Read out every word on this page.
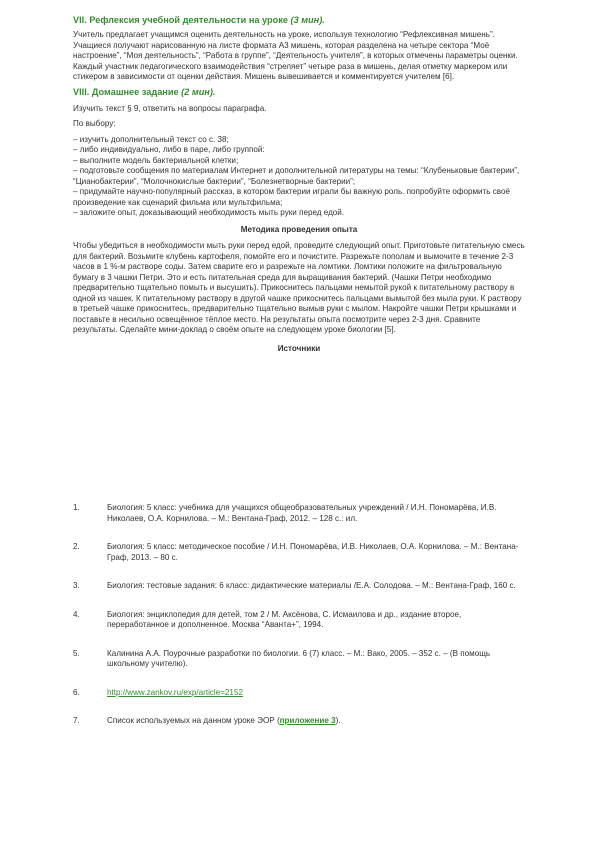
VII. Рефлексия учебной деятельности на уроке (3 мин).

Учитель предлагает учащимся оценить деятельность на уроке, используя технологию “Рефлексивная мишень”. Учащиеся получают нарисованную на листе формата А3 мишень, которая разделена на четыре сектора “Моё настроение”, “Моя деятельность”, “Работа в группе”, “Деятельность учителя”, в которых отмечены параметры оценки. Каждый участник педагогического взаимодействия “стреляет” четыре раза в мишень, делая отметку маркером или стикером в зависимости от оценки действия. Мишень вывешивается и комментируется учителем [6].

VIII. Домашнее задание (2 мин).

Изучить текст § 9, ответить на вопросы параграфа.

По выбору:

– изучить дополнительный текст со с. 38;

– либо индивидуально, либо в паре, либо группой:

– выполните модель бактериальной клетки;

– подготовьте сообщения по материалам Интернет и дополнительной литературы на темы: “Клубеньковые бактерии”, “Цианобактерии”, “Молочнокислые бактерии”, “Болезнетворные бактерии”;

– придумайте научно-популярный рассказ, в котором бактерии играли бы важную роль. попробуйте оформить своё произведение как сценарий фильма или мультфильма;

– заложите опыт, доказывающий необходимость мыть руки перед едой.

Методика проведения опыта

Чтобы убедиться в необходимости мыть руки перед едой, проведите следующий опыт. Приготовьте питательную смесь для бактерий. Возьмите клубень картофеля, помойте его и почистите. Разрежьте пополам и вымочите в течение 2-3 часов в 1 %-м растворе соды. Затем сварите его и разрежьте на ломтики. Ломтики положите на фильтровальную бумагу в 3 чашки Петри. Это и есть питательная среда для выращивания бактерий. (Чашки Петри необходимо предварительно тщательно помыть и высушить). Прикоснитесь пальцами немытой рукой к питательному раствору в одной из чашек. К питательному раствору в другой чашке прикоснитесь пальцами вымытой без мыла руки. К раствору в третьей чашке прикоснитесь, предварительно тщательно вымыв руки с мылом. Накройте чашки Петри крышками и поставьте в несильно освещённое тёплое место. На результаты опыта посмотрите через 2-3 дня. Сравните результаты. Сделайте мини-доклад о своём опыте на следующем уроке биологии [5].

Источники

1.	Биология: 5 класс: учебника для учащихся общеобразовательных учреждений / И.Н. Пономарёва, И.В. Николаев, О.А. Корнилова. – М.: Вентана-Граф, 2012. – 128 с.: ил.
2.	Биология: 5 класс: методическое пособие / И.Н. Пономарёва, И.В. Николаев, О.А. Корнилова. – М.: Вентана-Граф, 2013. – 80 с.
3.	Биология: тестовые задания: 6 класс: дидактические материалы /Е.А. Солодова. – М.: Вентана-Граф, 160 с.
4.	Биология: энциклопедия для детей, том 2 / М. Аксёнова, С. Исмаилова и др., издание второе, переработанное и дополненное. Москва “Аванта+”, 1994.
5.	Калинина А.А. Поурочные разработки по биологии. 6 (7) класс. – М.: Вако, 2005. – 352 с. – (В помощь школьному учителю).
6.	http://www.zankov.ru/exp/article=2152
7.	Список используемых на данном уроке ЭОР (приложение 3).
